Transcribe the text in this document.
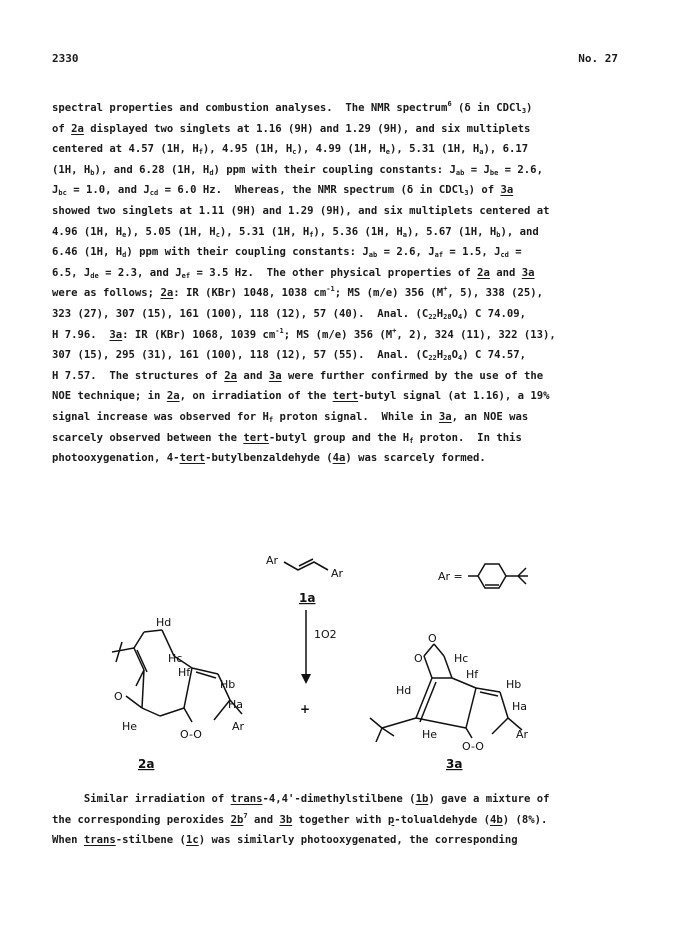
2330	No. 27
spectral properties and combustion analyses.  The NMR spectrum$^6$ (δ in CDCl$_3$)
of 2a displayed two singlets at 1.16 (9H) and 1.29 (9H), and six multiplets
centered at 4.57 (1H, $H_f$), 4.95 (1H, $H_c$), 4.99 (1H, $H_e$), 5.31 (1H, $H_a$), 6.17
(1H, $H_b$), and 6.28 (1H, $H_d$) ppm with their coupling constants: $J_{ab} = J_{be} = 2.6$,
$J_{bc} = 1.0$, and $J_{cd} = 6.0$ Hz.  Whereas, the NMR spectrum (δ in CDCl$_3$) of 3a
showed two singlets at 1.11 (9H) and 1.29 (9H), and six multiplets centered at
4.96 (1H, $H_e$), 5.05 (1H, $H_c$), 5.31 (1H, $H_f$), 5.36 (1H, $H_a$), 5.67 (1H, $H_b$), and
6.46 (1H, $H_d$) ppm with their coupling constants: $J_{ab} = 2.6$, $J_{af} = 1.5$, $J_{cd}$ =
6.5, $J_{de} = 2.3$, and $J_{ef} = 3.5$ Hz.  The other physical properties of 2a and 3a
were as follows; 2a: IR (KBr) 1048, 1038 $cm^{-1}$; MS (m/e) 356 (M+, 5), 338 (25),
323 (27), 307 (15), 161 (100), 118 (12), 57 (40).  Anal. $(C_{22}H_{28}O_4)$ C 74.09,
H 7.96.  3a: IR (KBr) 1068, 1039 $cm^{-1}$; MS (m/e) 356 (M+, 2), 324 (11), 322 (13),
307 (15), 295 (31), 161 (100), 118 (12), 57 (55).  Anal. $(C_{22}H_{28}O_4)$ C 74.57,
H 7.57.  The structures of 2a and 3a were further confirmed by the use of the
NOE technique; in 2a, on irradiation of the tert-butyl signal (at 1.16), a 19%
signal increase was observed for $H_f$ proton signal.  While in 3a, an NOE was
scarcely observed between the tert-butyl group and the $H_f$ proton.  In this
photooxygenation, 4-tert-butylbenzaldehyde (4a) was scarcely formed.
Ar
Ar
1a
Ar =
1O2
+
Hd
Hc
Hf
Hb
Ha
He	Ar
O
O-O
2a
O
O	Hc
Hd
Hf
Hb
Ha
He	Ar
O-O
3a
Similar irradiation of trans-4,4'-dimethylstilbene (1b) gave a mixture of
the corresponding peroxides $2b^7$ and 3b together with p-tolualdehyde (4b) (8%).
When trans-stilbene (1c) was similarly photooxygenated, the corresponding
